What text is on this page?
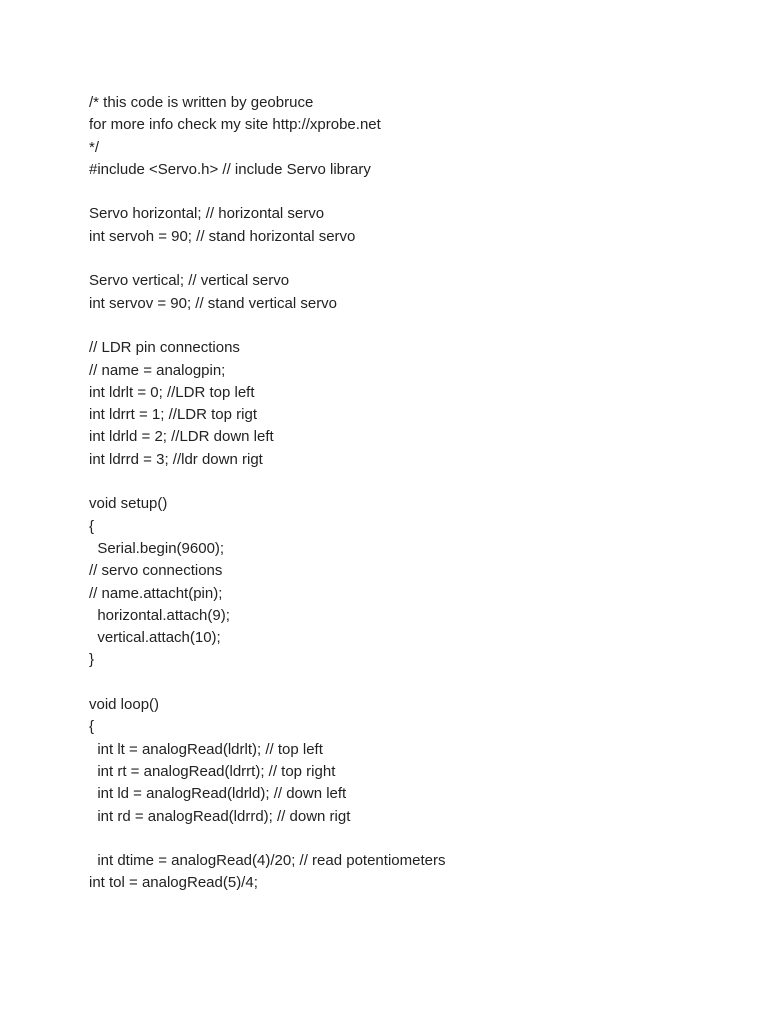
/* this code is written by geobruce
for more info check my site http://xprobe.net
*/
#include <Servo.h> // include Servo library
Servo horizontal; // horizontal servo
int servoh = 90; // stand horizontal servo
Servo vertical; // vertical servo
int servov = 90; // stand vertical servo
// LDR pin connections
// name = analogpin;
int ldrlt = 0; //LDR top left
int ldrrt = 1; //LDR top rigt
int ldrld = 2; //LDR down left
int ldrrd = 3; //ldr down rigt
void setup()
{
Serial.begin(9600);
// servo connections
// name.attacht(pin);
horizontal.attach(9);
vertical.attach(10);
}
void loop()
{
int lt = analogRead(ldrlt); // top left
int rt = analogRead(ldrrt); // top right
int ld = analogRead(ldrld); // down left
int rd = analogRead(ldrrd); // down rigt
int dtime = analogRead(4)/20; // read potentiometers
int tol = analogRead(5)/4;
